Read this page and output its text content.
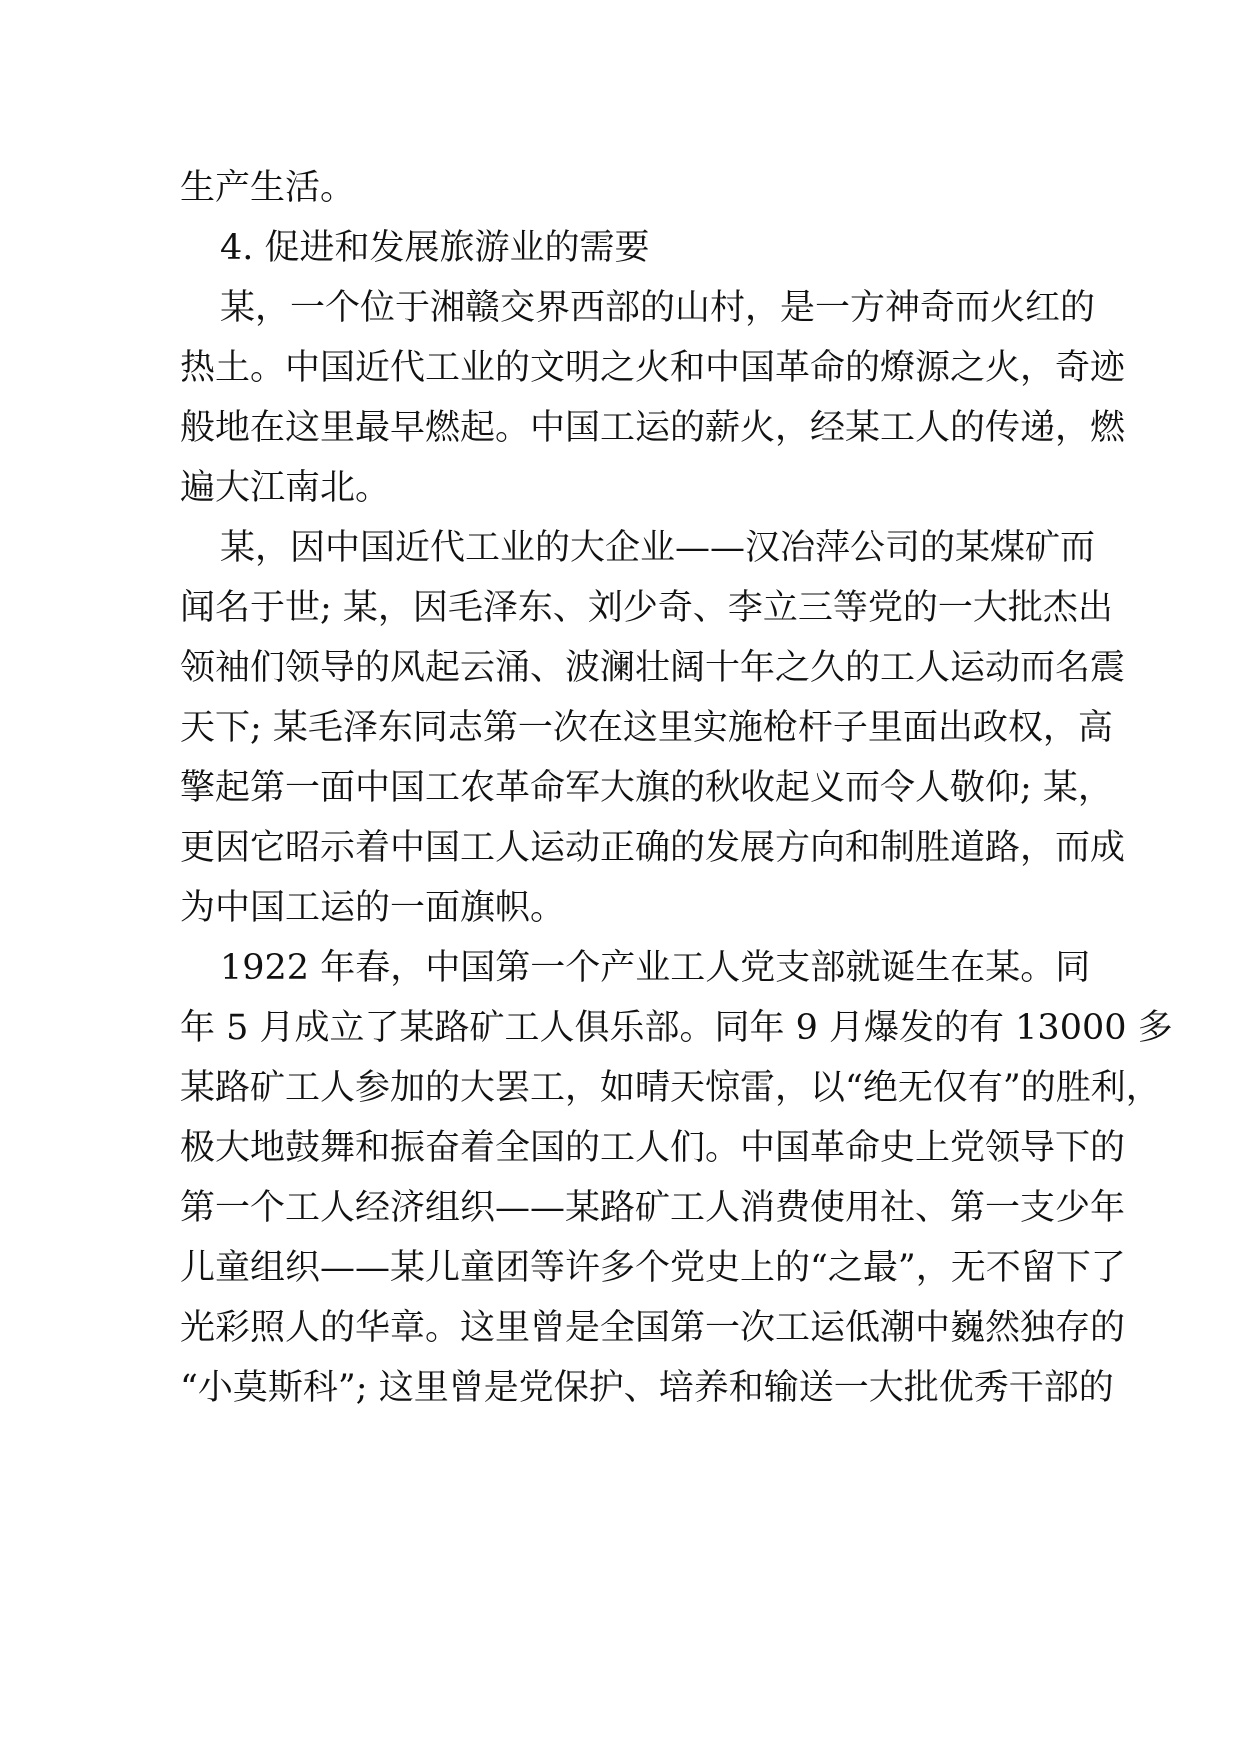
生产生活。
4. 促进和发展旅游业的需要
某，一个位于湘赣交界西部的山村，是一方神奇而火红的
热土。中国近代工业的文明之火和中国革命的燎源之火，奇迹
般地在这里最早燃起。中国工运的薪火，经某工人的传递，燃
遍大江南北。
某，因中国近代工业的大企业——汉冶萍公司的某煤矿而
闻名于世; 某，因毛泽东、刘少奇、李立三等党的一大批杰出
领袖们领导的风起云涌、波澜壮阔十年之久的工人运动而名震
天下; 某毛泽东同志第一次在这里实施枪杆子里面出政权，高
擎起第一面中国工农革命军大旗的秋收起义而令人敬仰; 某，
更因它昭示着中国工人运动正确的发展方向和制胜道路，而成
为中国工运的一面旗帜。
1922 年春，中国第一个产业工人党支部就诞生在某。同
年 5 月成立了某路矿工人俱乐部。同年 9 月爆发的有 13000 多
某路矿工人参加的大罢工，如晴天惊雷，以“绝无仅有”的胜利，
极大地鼓舞和振奋着全国的工人们。中国革命史上党领导下的
第一个工人经济组织——某路矿工人消费使用社、第一支少年
儿童组织——某儿童团等许多个党史上的“之最”，无不留下了
光彩照人的华章。这里曾是全国第一次工运低潮中巍然独存的
“小莫斯科”; 这里曾是党保护、培养和输送一大批优秀干部的
